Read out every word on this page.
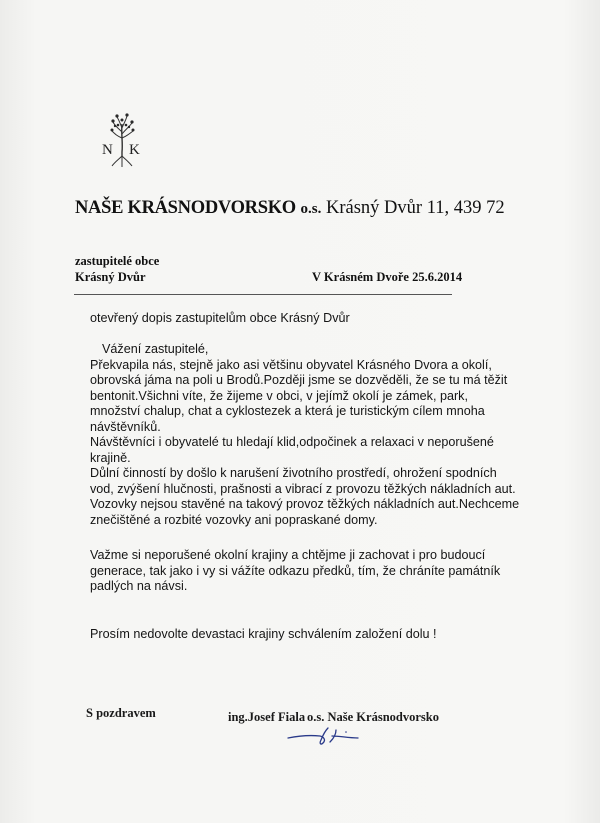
N K
NAŠE KRÁSNODVORSKO o.s. Krásný Dvůr 11, 439 72
zastupitelé obce
Krásný Dvůr	V Krásném Dvoře 25.6.2014
otevřený dopis zastupitelům obce Krásný Dvůr
Vážení zastupitelé,
Překvapila nás, stejně jako asi většinu obyvatel Krásného Dvora a okolí,
obrovská jáma na poli u Brodů.Později jsme se dozvěděli, že se tu má těžit
bentonit.Všichni víte, že žijeme v obci, v jejímž okolí je zámek, park,
množství chalup, chat a cyklostezek a která je turistickým cílem mnoha
návštěvníků.
Návštěvníci i obyvatelé tu hledají klid,odpočinek a relaxaci v neporušené
krajině.
Důlní činností by došlo k narušení životního prostředí, ohrožení spodních
vod, zvýšení hlučnosti, prašnosti a vibrací z provozu těžkých nákladních aut.
Vozovky nejsou stavěné na takový provoz těžkých nákladních aut.Nechceme
znečištěné a rozbité vozovky ani popraskané domy.
Važme si neporušené okolní krajiny a chtějme ji zachovat i pro budoucí
generace, tak jako i vy si vážíte odkazu předků, tím, že chráníte památník
padlých na návsi.
Prosím nedovolte devastaci krajiny schválením založení dolu !
S pozdravem	ing.Josef Fiala o.s. Naše Krásnodvorsko
